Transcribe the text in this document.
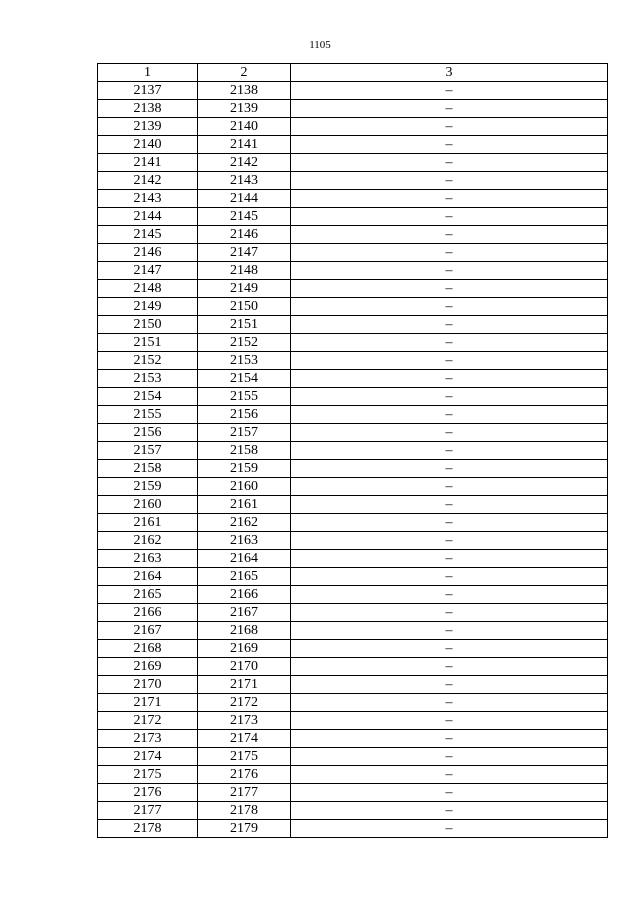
1105
1	2	3
2137	2138	–
2138	2139	–
2139	2140	–
2140	2141	–
2141	2142	–
2142	2143	–
2143	2144	–
2144	2145	–
2145	2146	–
2146	2147	–
2147	2148	–
2148	2149	–
2149	2150	–
2150	2151	–
2151	2152	–
2152	2153	–
2153	2154	–
2154	2155	–
2155	2156	–
2156	2157	–
2157	2158	–
2158	2159	–
2159	2160	–
2160	2161	–
2161	2162	–
2162	2163	–
2163	2164	–
2164	2165	–
2165	2166	–
2166	2167	–
2167	2168	–
2168	2169	–
2169	2170	–
2170	2171	–
2171	2172	–
2172	2173	–
2173	2174	–
2174	2175	–
2175	2176	–
2176	2177	–
2177	2178	–
2178	2179	–
